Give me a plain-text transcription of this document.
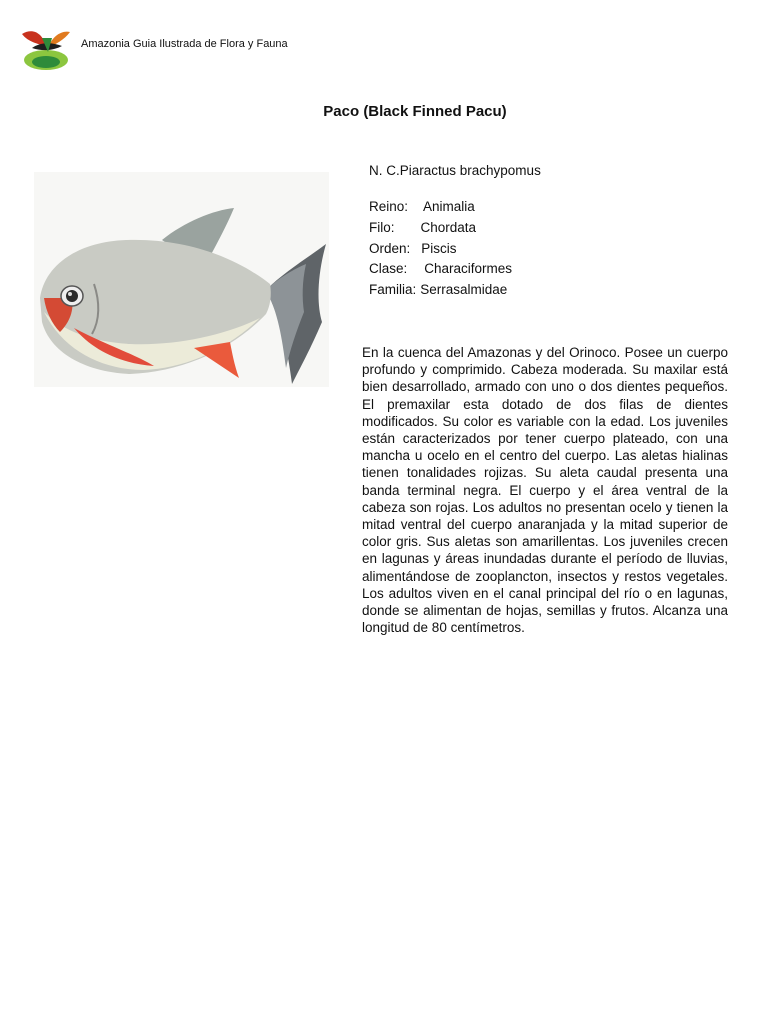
Amazonia Guia Ilustrada de Flora y Fauna
Paco (Black Finned Pacu)
N. C.Piaractus brachypomus
Reino: Animalia
Filo: Chordata
Orden: Piscis
Clase: Characiformes
Familia: Serrasalmidae
En la cuenca del Amazonas y del Orinoco. Posee un cuerpo profundo y comprimido. Cabeza moderada. Su maxilar está bien desarrollado, armado con uno o dos dientes pequeños. El premaxilar esta dotado de dos filas de dientes modificados. Su color es variable con la edad. Los juveniles están caracterizados por tener cuerpo plateado, con una mancha u ocelo en el centro del cuerpo. Las aletas hialinas tienen tonalidades rojizas. Su aleta caudal presenta una banda terminal negra. El cuerpo y el área ventral de la cabeza son rojas. Los adultos no presentan ocelo y tienen la mitad ventral del cuerpo anaranjada y la mitad superior de color gris. Sus aletas son amarillentas. Los juveniles crecen en lagunas y áreas inundadas durante el período de lluvias, alimentándose de zooplancton, insectos y restos vegetales. Los adultos viven en el canal principal del río o en lagunas, donde se alimentan de hojas, semillas y frutos. Alcanza una longitud de 80 centímetros.
